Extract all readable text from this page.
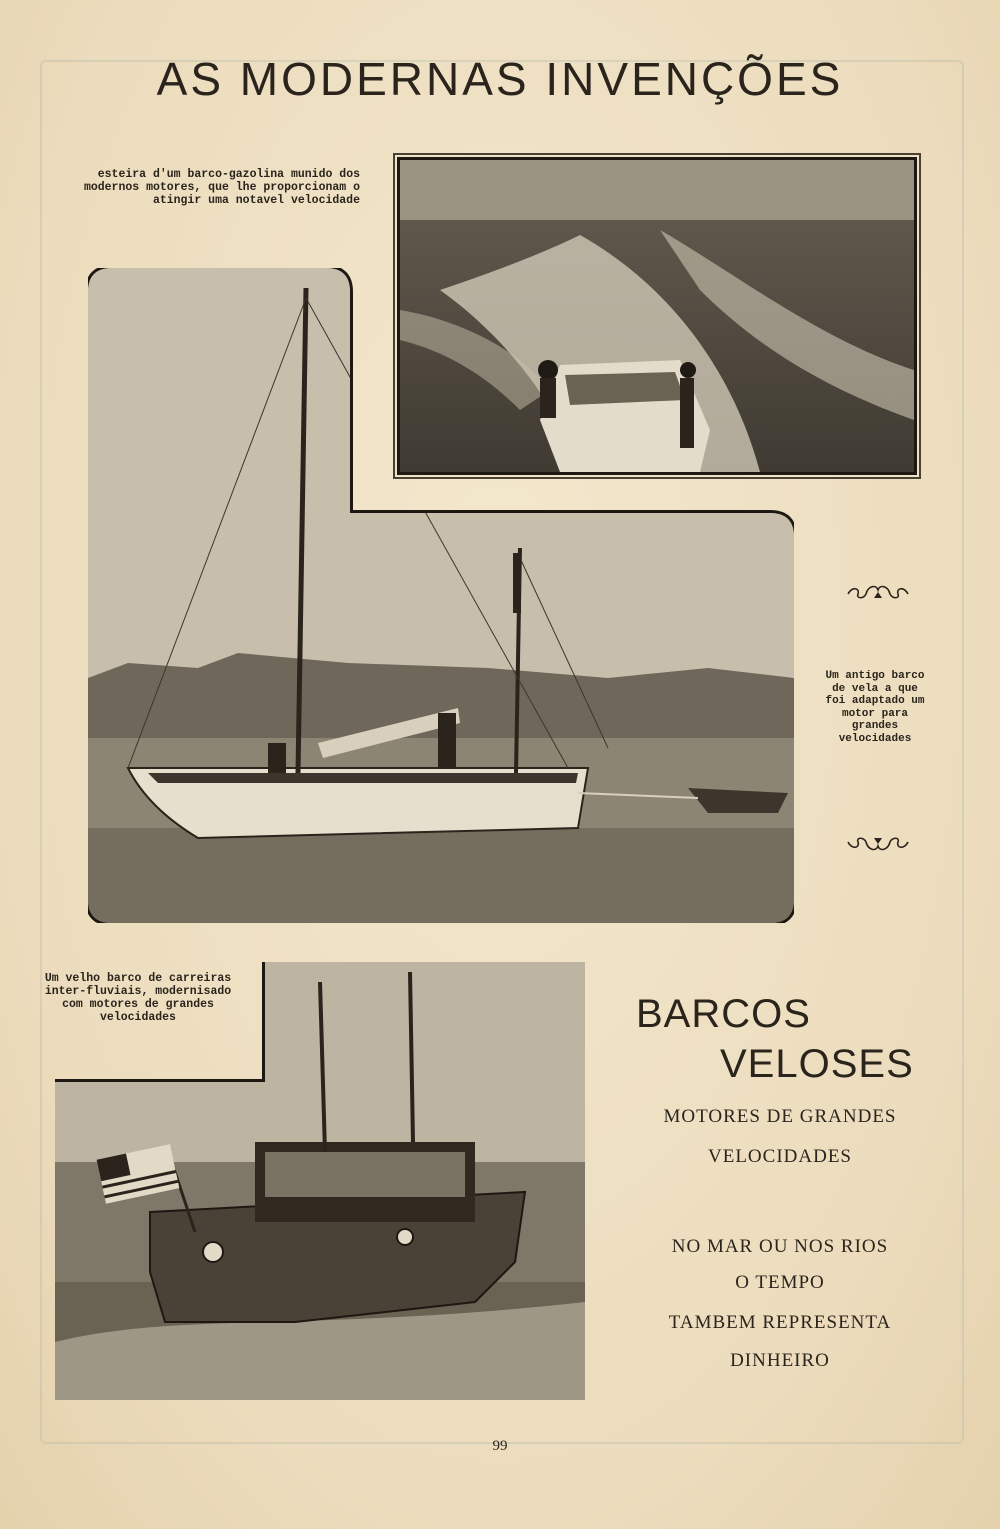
AS MODERNAS INVENÇÕES
esteira d'um barco-gazolina munido dos modernos motores, que lhe proporcionam o atingir uma notavel velocidade
Um antigo barco de vela a que foi adaptado um motor para grandes velocidades
Um velho barco de carreiras inter-fluviais, modernisado com motores de grandes velocidades	BARCOS
VELOSES
MOTORES DE GRANDES
VELOCIDADES
NO MAR OU NOS RIOS
O TEMPO
TAMBEM REPRESENTA
DINHEIRO
99
